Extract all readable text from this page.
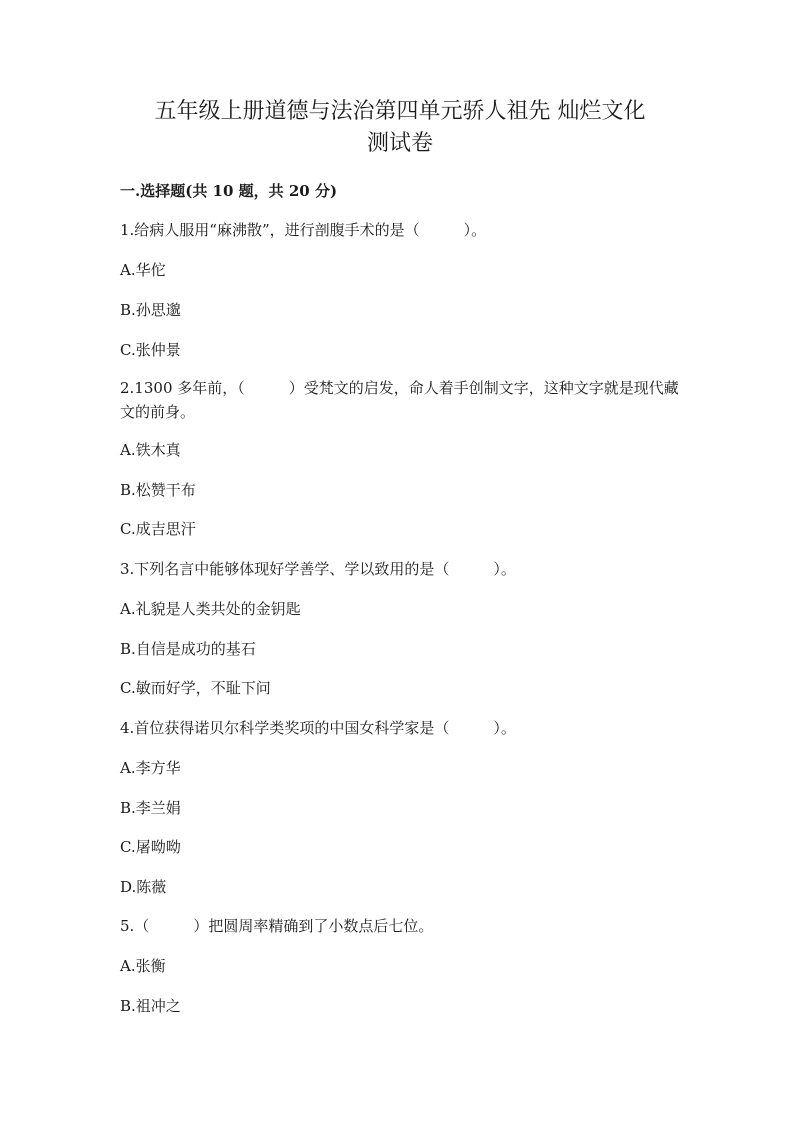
五年级上册道德与法治第四单元骄人祖先 灿烂文化
测试卷

一.选择题(共 10 题，共 20 分)

1.给病人服用“麻沸散”，进行剖腹手术的是（	）。

A.华佗

B.孙思邈

C.张仲景

2.1300 多年前，（	）受梵文的启发，命人着手创制文字，这种文字就是现代藏文的前身。

A.铁木真

B.松赞干布

C.成吉思汗

3.下列名言中能够体现好学善学、学以致用的是（	）。

A.礼貌是人类共处的金钥匙

B.自信是成功的基石

C.敏而好学，不耻下问

4.首位获得诺贝尔科学类奖项的中国女科学家是（	）。

A.李方华

B.李兰娟

C.屠呦呦

D.陈薇

5.（	）把圆周率精确到了小数点后七位。

A.张衡

B.祖冲之
